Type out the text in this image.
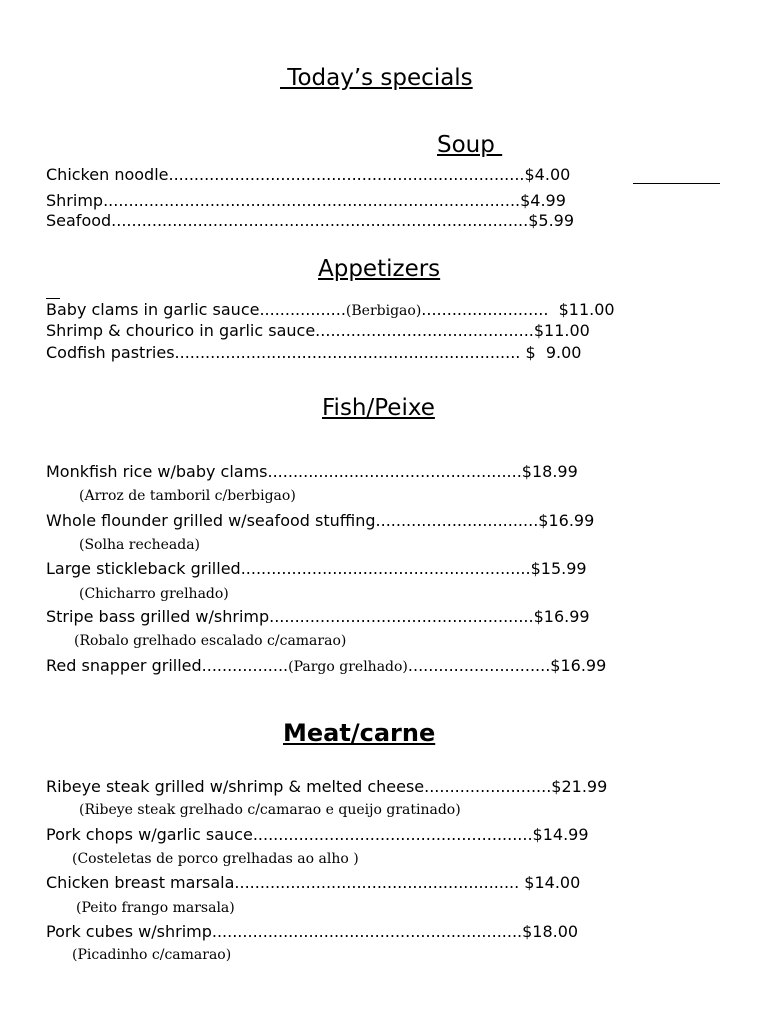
Today’s specials
Soup
Chicken noodle......................................................................$4.00
Shrimp..................................................................................$4.99
Seafood..................................................................................$5.99
Appetizers
Baby clams in garlic sauce.................(Berbigao).........................  $11.00
Shrimp & chourico in garlic sauce...........................................$11.00
Codfish pastries.................................................................... $  9.00
Fish/Peixe
Monkfish rice w/baby clams..................................................$18.99
(Arroz de tamboril c/berbigao)
Whole flounder grilled w/seafood stuffing................................$16.99
(Solha recheada)
Large stickleback grilled.........................................................$15.99
(Chicharro grelhado)
Stripe bass grilled w/shrimp....................................................$16.99
(Robalo grelhado escalado c/camarao)
Red snapper grilled.................(Pargo grelhado)............................$16.99
Meat/carne
Ribeye steak grilled w/shrimp & melted cheese.........................$21.99
(Ribeye steak grelhado c/camarao e queijo gratinado)
Pork chops w/garlic sauce.......................................................$14.99
(Costeletas de porco grelhadas ao alho )
Chicken breast marsala........................................................ $14.00
(Peito frango marsala)
Pork cubes w/shrimp.............................................................$18.00
(Picadinho c/camarao)
